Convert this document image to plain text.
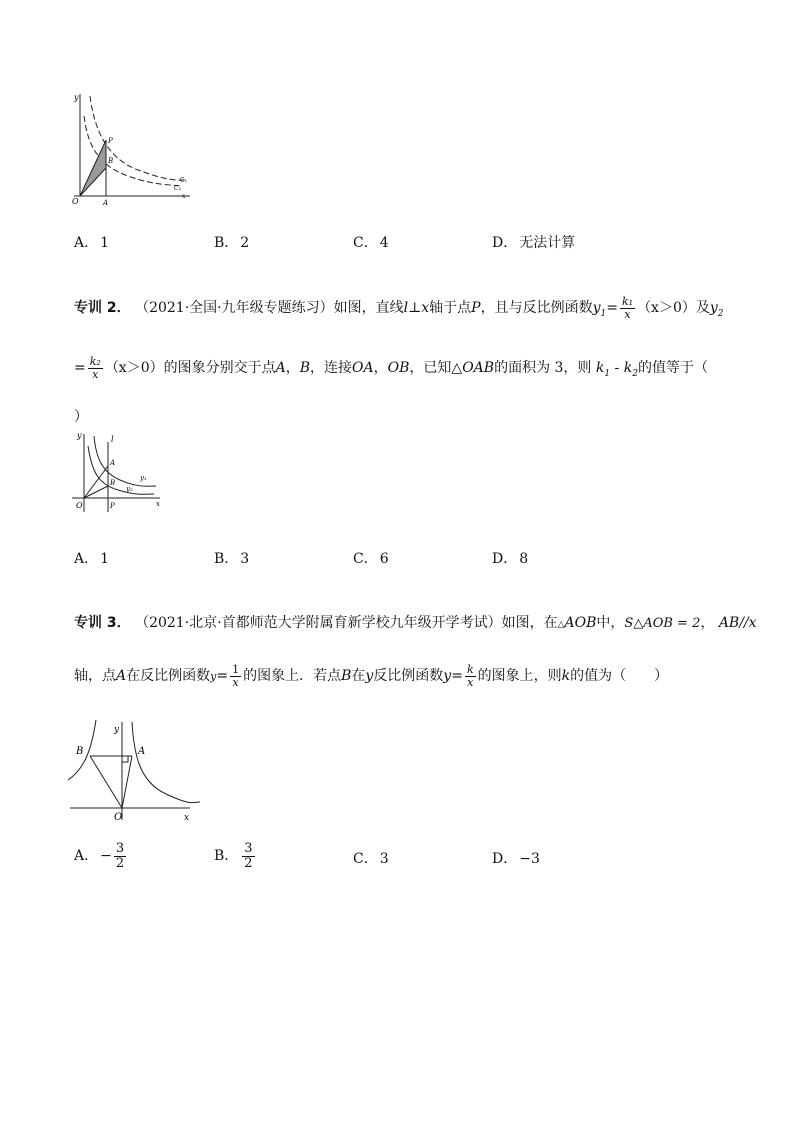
y
O	A
P
B
C₁
C₂
x
A． 1	B． 2	C． 4	D． 无法计算
专训 2． （2021·全国·九年级专题练习）如图，直线l⊥x轴于点P，且与反比例函数$y_1= \frac{\text{k₁}}{x} (x>0)$及$y_2$
= $\frac{\text{k₂}}{x} (x>0)$的图象分别交于点A，B，连接OA，OB，已知△OAB的面积为 3，则 $k_1 - k_2$的值等于（
）
y	l
A
B
y₁
y₂
O	P	x
A． 1	B． 3	C． 6	D． 8
专训 3． （2021·北京·首都师范大学附属育新学校九年级开学考试）如图，在△AOB中，S△AOB = 2， AB//x
轴，点A在反比例函数$y= \frac{1}{x}$ 的图象上．若点B在y反比例函数$y= \frac{k}{x}$ 的图象上，则k的值为（　　）
y
B	A
O	x
A． − $\frac{3}{2}$	B． $\frac{3}{2}$	C． 3	D． −3
